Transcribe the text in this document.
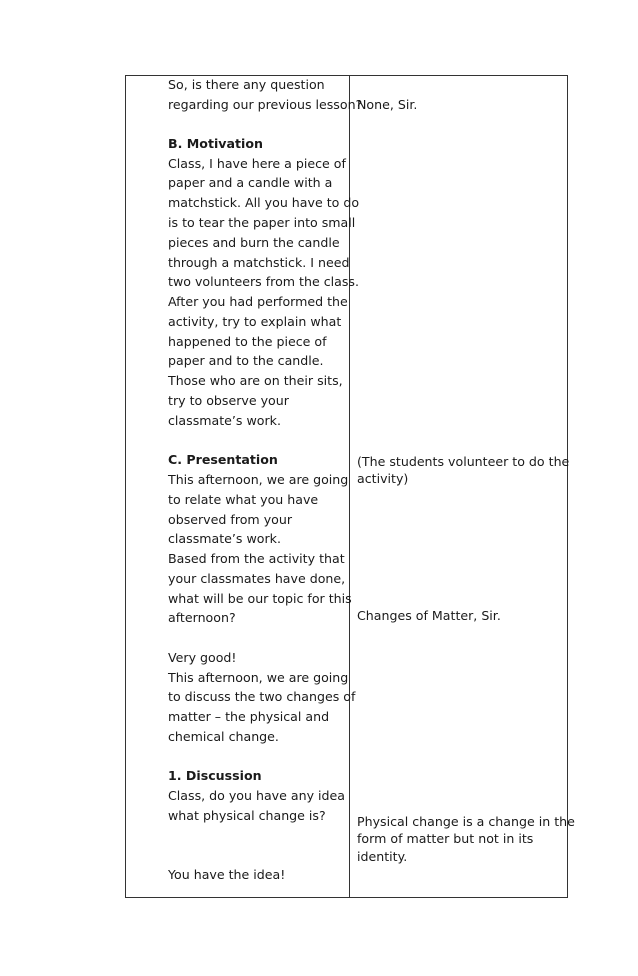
So, is there any question
regarding our previous lesson?
B. Motivation
Class, I have here a piece of
paper and a candle with a
matchstick. All you have to do
is to tear the paper into small
pieces and burn the candle
through a matchstick. I need
two volunteers from the class.
After you had performed the
activity, try to explain what
happened to the piece of
paper and to the candle.
Those who are on their sits,
try to observe your
classmate’s work.
C. Presentation
This afternoon, we are going
to relate what you have
observed from your
classmate’s work.
Based from the activity that
your classmates have done,
what will be our topic for this
afternoon?
Very good!
This afternoon, we are going
to discuss the two changes of
matter – the physical and
chemical change.
1. Discussion
Class, do you have any idea
what physical change is?
You have the idea!
None, Sir.
(The students volunteer to do the
activity)
Changes of Matter, Sir.
Physical change is a change in the
form of matter but not in its
identity.
